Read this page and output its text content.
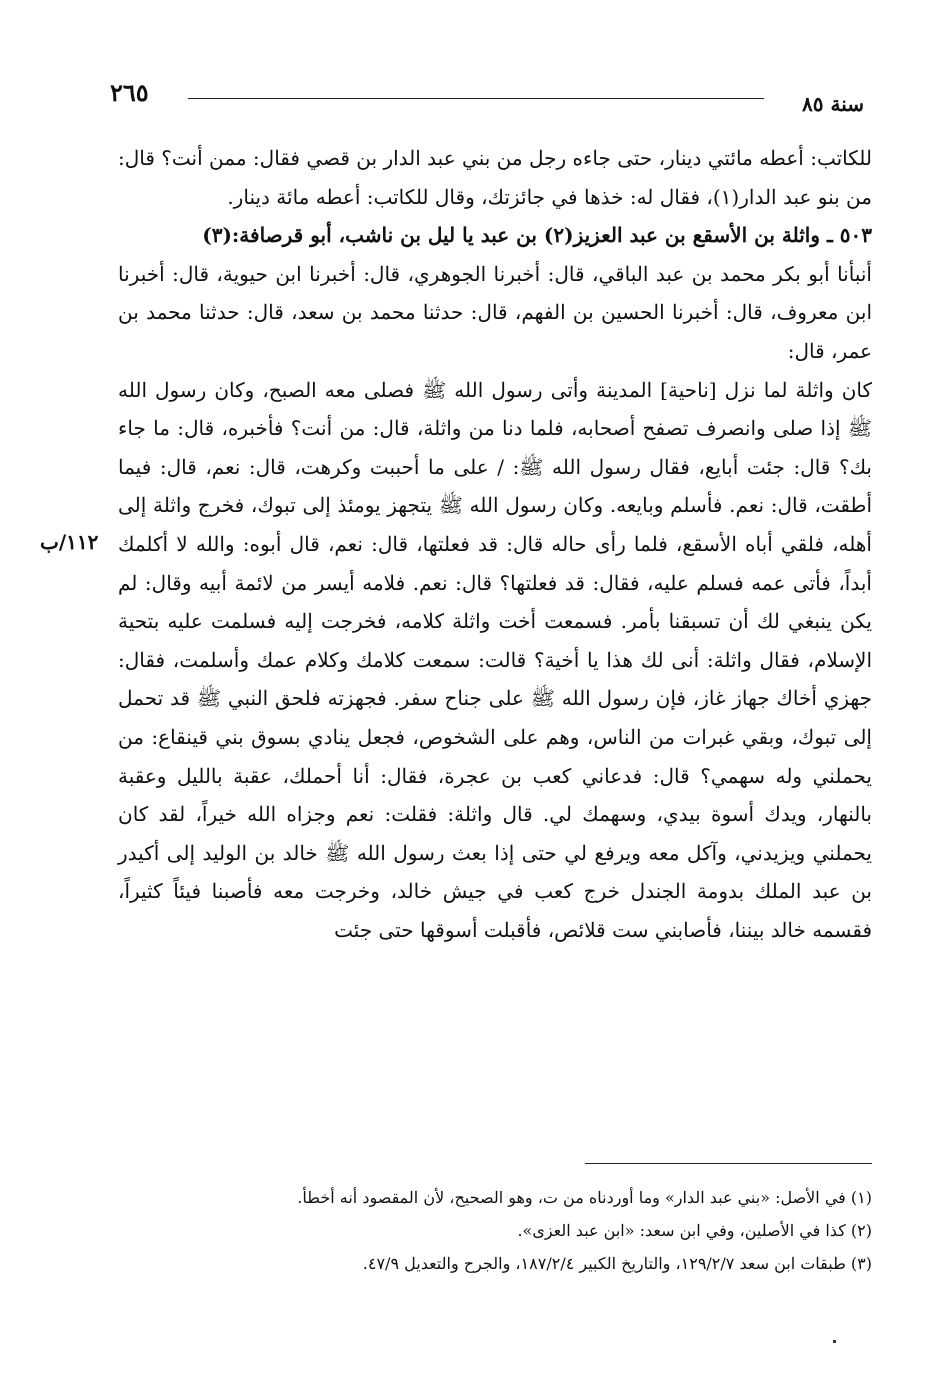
سنة ٨٥
٢٦٥
١١٢/ب

للكاتب: أعطه مائتي دينار، حتى جاءه رجل من بني عبد الدار بن قصي فقال: ممن أنت؟ قال: من بنو عبد الدار(١)، فقال له: خذها في جائزتك، وقال للكاتب: أعطه مائة دينار.

٥٠٣ ـ واثلة بن الأسقع بن عبد العزيز(٢) بن عبد يا ليل بن ناشب، أبو قرصافة:(٣)

أنبأنا أبو بكر محمد بن عبد الباقي، قال: أخبرنا الجوهري، قال: أخبرنا ابن حيوية، قال: أخبرنا ابن معروف، قال: أخبرنا الحسين بن الفهم، قال: حدثنا محمد بن سعد، قال: حدثنا محمد بن عمر، قال:

كان واثلة لما نزل [ناحية] المدينة وأتى رسول الله ﷺ فصلى معه الصبح، وكان رسول الله ﷺ إذا صلى وانصرف تصفح أصحابه، فلما دنا من واثلة، قال: من أنت؟ فأخبره، قال: ما جاء بك؟ قال: جئت أبايع، فقال رسول الله ﷺ: / على ما أحببت وكرهت، قال: نعم، قال: فيما أطقت، قال: نعم. فأسلم وبايعه. وكان رسول الله ﷺ يتجهز يومئذ إلى تبوك، فخرج واثلة إلى أهله، فلقي أباه الأسقع، فلما رأى حاله قال: قد فعلتها، قال: نعم، قال أبوه: والله لا أكلمك أبداً، فأتى عمه فسلم عليه، فقال: قد فعلتها؟ قال: نعم. فلامه أيسر من لائمة أبيه وقال: لم يكن ينبغي لك أن تسبقنا بأمر. فسمعت أخت واثلة كلامه، فخرجت إليه فسلمت عليه بتحية الإسلام، فقال واثلة: أنى لك هذا يا أخية؟ قالت: سمعت كلامك وكلام عمك وأسلمت، فقال: جهزي أخاك جهاز غاز، فإن رسول الله ﷺ على جناح سفر. فجهزته فلحق النبي ﷺ قد تحمل إلى تبوك، وبقي غبرات من الناس، وهم على الشخوص، فجعل ينادي بسوق بني قينقاع: من يحملني وله سهمي؟ قال: فدعاني كعب بن عجرة، فقال: أنا أحملك، عقبة بالليل وعقبة بالنهار، ويدك أسوة بيدي، وسهمك لي. قال واثلة: فقلت: نعم وجزاه الله خيراً، لقد كان يحملني ويزيدني، وآكل معه ويرفع لي حتى إذا بعث رسول الله ﷺ خالد بن الوليد إلى أكيدر بن عبد الملك بدومة الجندل خرج كعب في جيش خالد، وخرجت معه فأصبنا فيئاً كثيراً، فقسمه خالد بيننا، فأصابني ست قلائص، فأقبلت أسوقها حتى جئت

(١) في الأصل: «بني عبد الدار» وما أوردناه من ت، وهو الصحيح، لأن المقصود أنه أخطأ.

(٢) كذا في الأصلين، وفي ابن سعد: «ابن عبد العزى».

(٣) طبقات ابن سعد ١٢٩/٢/٧، والتاريخ الكبير ١٨٧/٢/٤، والجرح والتعديل ٤٧/٩.
